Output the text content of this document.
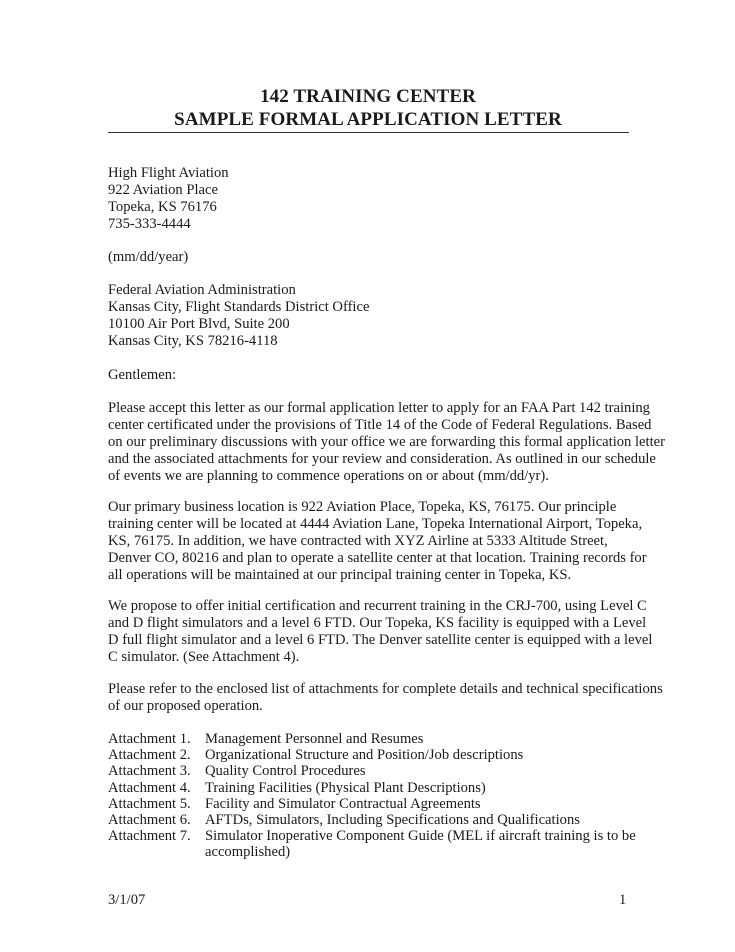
142 TRAINING CENTER
SAMPLE FORMAL APPLICATION LETTER
High Flight Aviation
922 Aviation Place
Topeka, KS 76176
735-333-4444
(mm/dd/year)
Federal Aviation Administration
Kansas City, Flight Standards District Office
10100 Air Port Blvd, Suite 200
Kansas City, KS 78216-4118
Gentlemen:
Please accept this letter as our formal application letter to apply for an FAA Part 142 training
center certificated under the provisions of Title 14 of the Code of Federal Regulations. Based
on our preliminary discussions with your office we are forwarding this formal application letter
and the associated attachments for your review and consideration. As outlined in our schedule
of events we are planning to commence operations on or about (mm/dd/yr).
Our primary business location is 922 Aviation Place, Topeka, KS, 76175. Our principle
training center will be located at 4444 Aviation Lane, Topeka International Airport, Topeka,
KS, 76175. In addition, we have contracted with XYZ Airline at 5333 Altitude Street,
Denver CO, 80216 and plan to operate a satellite center at that location. Training records for
all operations will be maintained at our principal training center in Topeka, KS.
We propose to offer initial certification and recurrent training in the CRJ-700, using Level C
and D flight simulators and a level 6 FTD. Our Topeka, KS facility is equipped with a Level
D full flight simulator and a level 6 FTD. The Denver satellite center is equipped with a level
C simulator. (See Attachment 4).
Please refer to the enclosed list of attachments for complete details and technical specifications
of our proposed operation.
Attachment 1. Management Personnel and Resumes
Attachment 2. Organizational Structure and Position/Job descriptions
Attachment 3. Quality Control Procedures
Attachment 4. Training Facilities (Physical Plant Descriptions)
Attachment 5. Facility and Simulator Contractual Agreements
Attachment 6. AFTDs, Simulators, Including Specifications and Qualifications
Attachment 7. Simulator Inoperative Component Guide (MEL if aircraft training is to be
accomplished)
3/1/07	1
